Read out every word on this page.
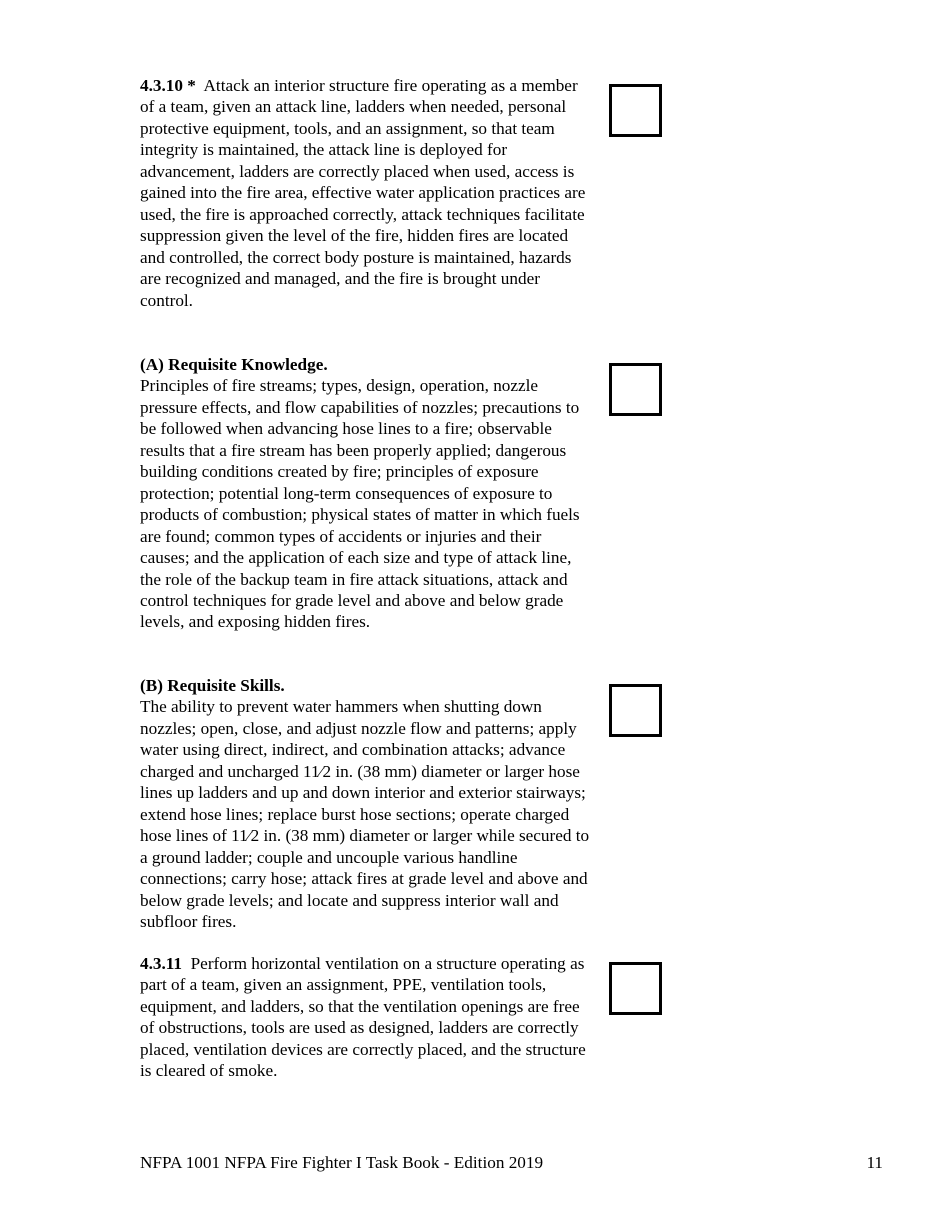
4.3.10 * Attack an interior structure fire operating as a member of a team, given an attack line, ladders when needed, personal protective equipment, tools, and an assignment, so that team integrity is maintained, the attack line is deployed for advancement, ladders are correctly placed when used, access is gained into the fire area, effective water application practices are used, the fire is approached correctly, attack techniques facilitate suppression given the level of the fire, hidden fires are located and controlled, the correct body posture is maintained, hazards are recognized and managed, and the fire is brought under control.

(A) Requisite Knowledge.

Principles of fire streams; types, design, operation, nozzle pressure effects, and flow capabilities of nozzles; precautions to be followed when advancing hose lines to a fire; observable results that a fire stream has been properly applied; dangerous building conditions created by fire; principles of exposure protection; potential long-term consequences of exposure to products of combustion; physical states of matter in which fuels are found; common types of accidents or injuries and their causes; and the application of each size and type of attack line, the role of the backup team in fire attack situations, attack and control techniques for grade level and above and below grade levels, and exposing hidden fires.

(B) Requisite Skills.

The ability to prevent water hammers when shutting down nozzles; open, close, and adjust nozzle flow and patterns; apply water using direct, indirect, and combination attacks; advance charged and uncharged 11⁄2 in. (38 mm) diameter or larger hose lines up ladders and up and down interior and exterior stairways; extend hose lines; replace burst hose sections; operate charged hose lines of 11⁄2 in. (38 mm) diameter or larger while secured to a ground ladder; couple and uncouple various handline connections; carry hose; attack fires at grade level and above and below grade levels; and locate and suppress interior wall and subfloor fires.

4.3.11 Perform horizontal ventilation on a structure operating as part of a team, given an assignment, PPE, ventilation tools, equipment, and ladders, so that the ventilation openings are free of obstructions, tools are used as designed, ladders are correctly placed, ventilation devices are correctly placed, and the structure is cleared of smoke.

NFPA 1001 NFPA Fire Fighter I Task Book - Edition 2019	11
